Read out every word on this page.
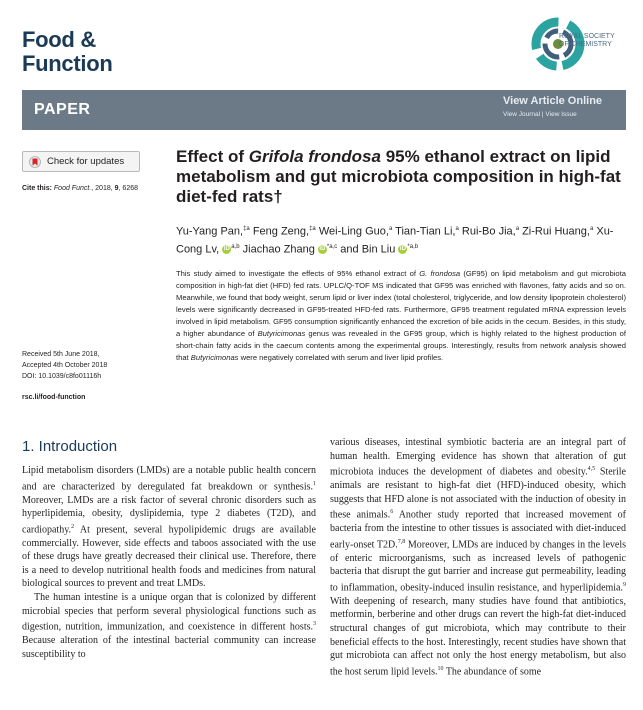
Food &
Function
ROYAL SOCIETY
OF CHEMISTRY
PAPER	View Article Online
View Journal | View Issue
Check for updates
Cite this: Food Funct., 2018, 9, 6268
Effect of Grifola frondosa 95% ethanol extract on lipid metabolism and gut microbiota composition in high-fat diet-fed rats†
Yu-Yang Pan,$^{\ddagger a}$ Feng Zeng,$^{\ddagger a}$ Wei-Ling Guo,$^a$ Tian-Tian Li,$^a$ Rui-Bo Jia,$^a$ Zi-Rui Huang,$^a$ Xu-Cong Lv, iD $^{a,b}$ Jiachao Zhang iD $^{*a,c}$ and Bin Liu iD $^{*a,b}$
This study aimed to investigate the effects of 95% ethanol extract of G. frondosa (GF95) on lipid metabolism and gut microbiota composition in high-fat diet (HFD) fed rats. UPLC/Q-TOF MS indicated that GF95 was enriched with flavones, fatty acids and so on. Meanwhile, we found that body weight, serum lipid or liver index (total cholesterol, triglyceride, and low density lipoprotein cholesterol) levels were significantly decreased in GF95-treated HFD-fed rats. Furthermore, GF95 treatment regulated mRNA expression levels involved in lipid metabolism. GF95 consumption significantly enhanced the excretion of bile acids in the cecum. Besides, in this study, a higher abundance of Butyricimonas genus was revealed in the GF95 group, which is highly related to the highest production of short-chain fatty acids in the caecum contents among the experimental groups. Interestingly, results from network analysis showed that Butyricimonas were negatively correlated with serum and liver lipid profiles.
Received 5th June 2018,
Accepted 4th October 2018
DOI: 10.1039/c8fo01116h
rsc.li/food-function
1. Introduction

Lipid metabolism disorders (LMDs) are a notable public health concern and are characterized by deregulated fat breakdown or synthesis.$^1$ Moreover, LMDs are a risk factor of several chronic disorders such as hyperlipidemia, obesity, dyslipidemia, type 2 diabetes (T2D), and cardiopathy.$^2$ At present, several hypolipidemic drugs are available commercially. However, side effects and taboos associated with the use of these drugs have greatly decreased their clinical use. Therefore, there is a need to develop nutritional health foods and medicines from natural biological sources to prevent and treat LMDs.

The human intestine is a unique organ that is colonized by different microbial species that perform several physiological functions such as digestion, nutrition, immunization, and coexistence in different hosts.$^3$ Because alteration of the intestinal bacterial community can increase susceptibility to

various diseases, intestinal symbiotic bacteria are an integral part of human health. Emerging evidence has shown that alteration of gut microbiota induces the development of diabetes and obesity.$^{4,5}$ Sterile animals are resistant to high-fat diet (HFD)-induced obesity, which suggests that HFD alone is not associated with the induction of obesity in these animals.$^6$ Another study reported that increased movement of bacteria from the intestine to other tissues is associated with diet-induced early-onset T2D.$^{7,8}$ Moreover, LMDs are induced by changes in the levels of enteric microorganisms, such as increased levels of pathogenic bacteria that disrupt the gut barrier and increase gut permeability, leading to inflammation, obesity-induced insulin resistance, and hyperlipidemia.$^9$ With deepening of research, many studies have found that antibiotics, metformin, berberine and other drugs can revert the high-fat diet-induced structural changes of gut microbiota, which may contribute to their beneficial effects to the host. Interestingly, recent studies have shown that gut microbiota can affect not only the host energy metabolism, but also the host serum lipid levels.$^{10}$ The abundance of some
